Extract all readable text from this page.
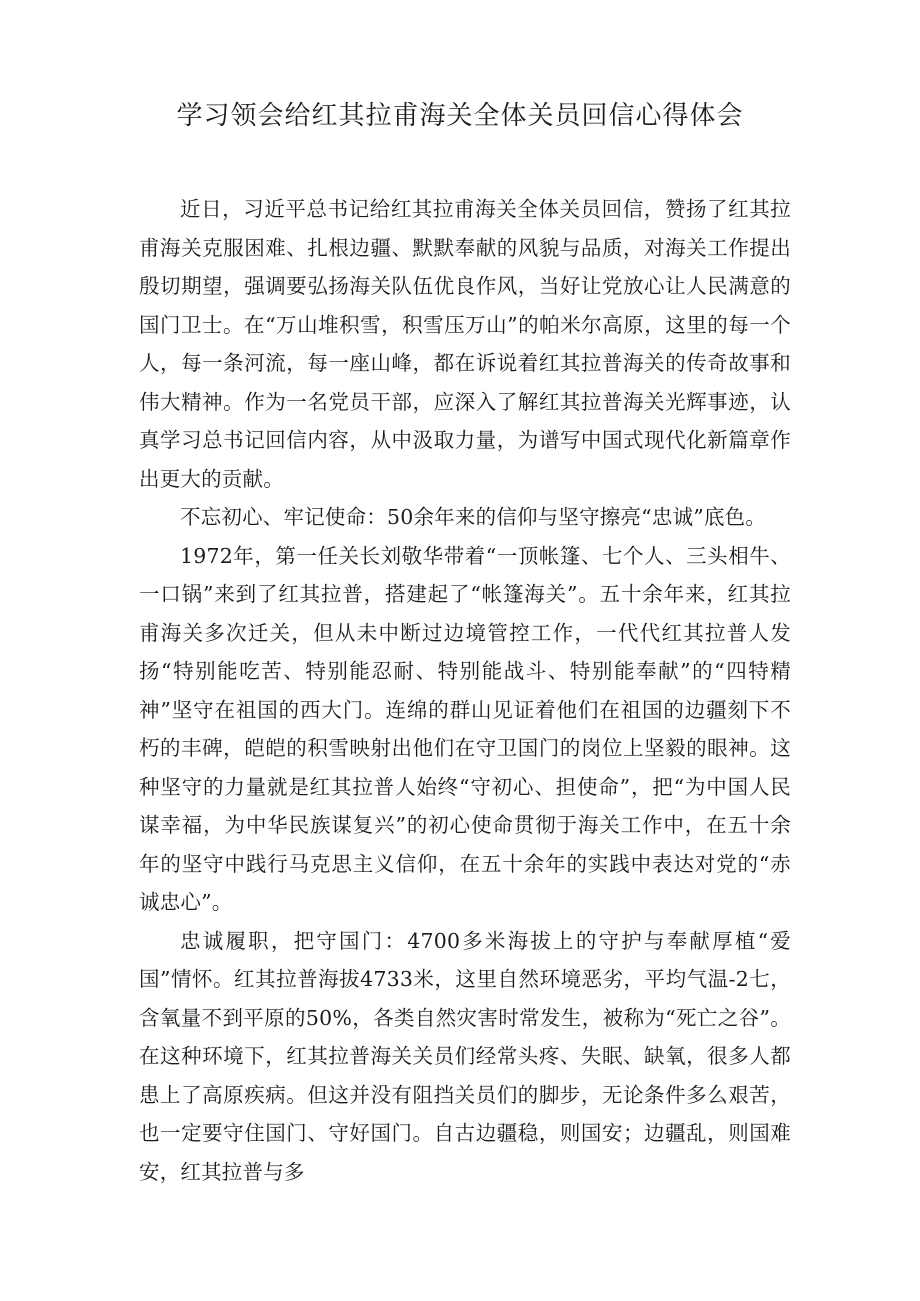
学习领会给红其拉甫海关全体关员回信心得体会

近日，习近平总书记给红其拉甫海关全体关员回信，赞扬了红其拉甫海关克服困难、扎根边疆、默默奉献的风貌与品质，对海关工作提出殷切期望，强调要弘扬海关队伍优良作风，当好让党放心让人民满意的国门卫士。在“万山堆积雪，积雪压万山”的帕米尔高原，这里的每一个人，每一条河流，每一座山峰，都在诉说着红其拉普海关的传奇故事和伟大精神。作为一名党员干部，应深入了解红其拉普海关光辉事迹，认真学习总书记回信内容，从中汲取力量，为谱写中国式现代化新篇章作出更大的贡献。

不忘初心、牢记使命：50余年来的信仰与坚守擦亮“忠诚”底色。

1972年，第一任关长刘敬华带着“一顶帐篷、七个人、三头相牛、一口锅”来到了红其拉普，搭建起了“帐篷海关”。五十余年来，红其拉甫海关多次迁关，但从未中断过边境管控工作，一代代红其拉普人发扬“特别能吃苦、特别能忍耐、特别能战斗、特别能奉献”的“四特精神”坚守在祖国的西大门。连绵的群山见证着他们在祖国的边疆刻下不朽的丰碑，皑皑的积雪映射出他们在守卫国门的岗位上坚毅的眼神。这种坚守的力量就是红其拉普人始终“守初心、担使命”，把“为中国人民谋幸福，为中华民族谋复兴”的初心使命贯彻于海关工作中，在五十余年的坚守中践行马克思主义信仰，在五十余年的实践中表达对党的“赤诚忠心”。

忠诚履职，把守国门：4700多米海拔上的守护与奉献厚植“爱国”情怀。红其拉普海拔4733米，这里自然环境恶劣，平均气温-2七，含氧量不到平原的50%，各类自然灾害时常发生，被称为“死亡之谷”。在这种环境下，红其拉普海关关员们经常头疼、失眠、缺氧，很多人都患上了高原疾病。但这并没有阻挡关员们的脚步，无论条件多么艰苦，也一定要守住国门、守好国门。自古边疆稳，则国安；边疆乱，则国难安，红其拉普与多
